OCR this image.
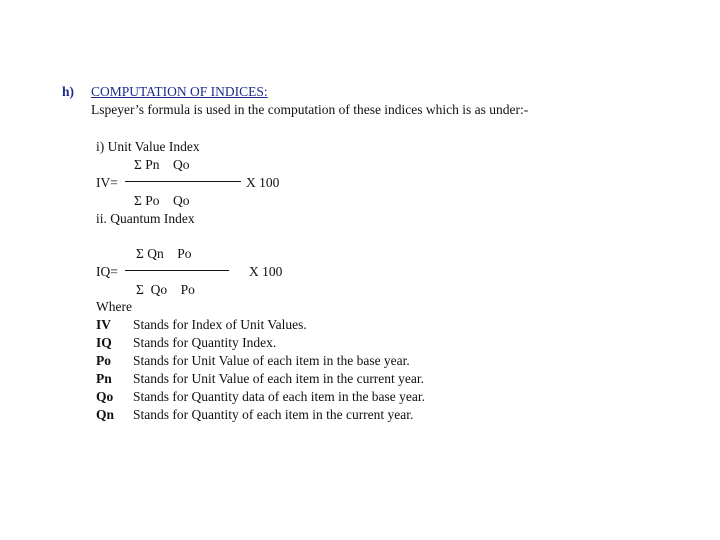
h) COMPUTATION OF INDICES:
Lspeyer’s formula is used in the computation of these indices which is as under:-
i) Unit Value Index
Σ Pn    Qo
IV=	X 100
Σ Po    Qo
ii. Quantum Index
Σ Qn    Po
IQ=	X 100
Σ  Qo    Po
Where
IV Stands for Index of Unit Values.
IQ Stands for Quantity Index.
Po Stands for Unit Value of each item in the base year.
Pn Stands for Unit Value of each item in the current year.
Qo Stands for Quantity data of each item in the base year.
Qn Stands for Quantity of each item in the current year.
